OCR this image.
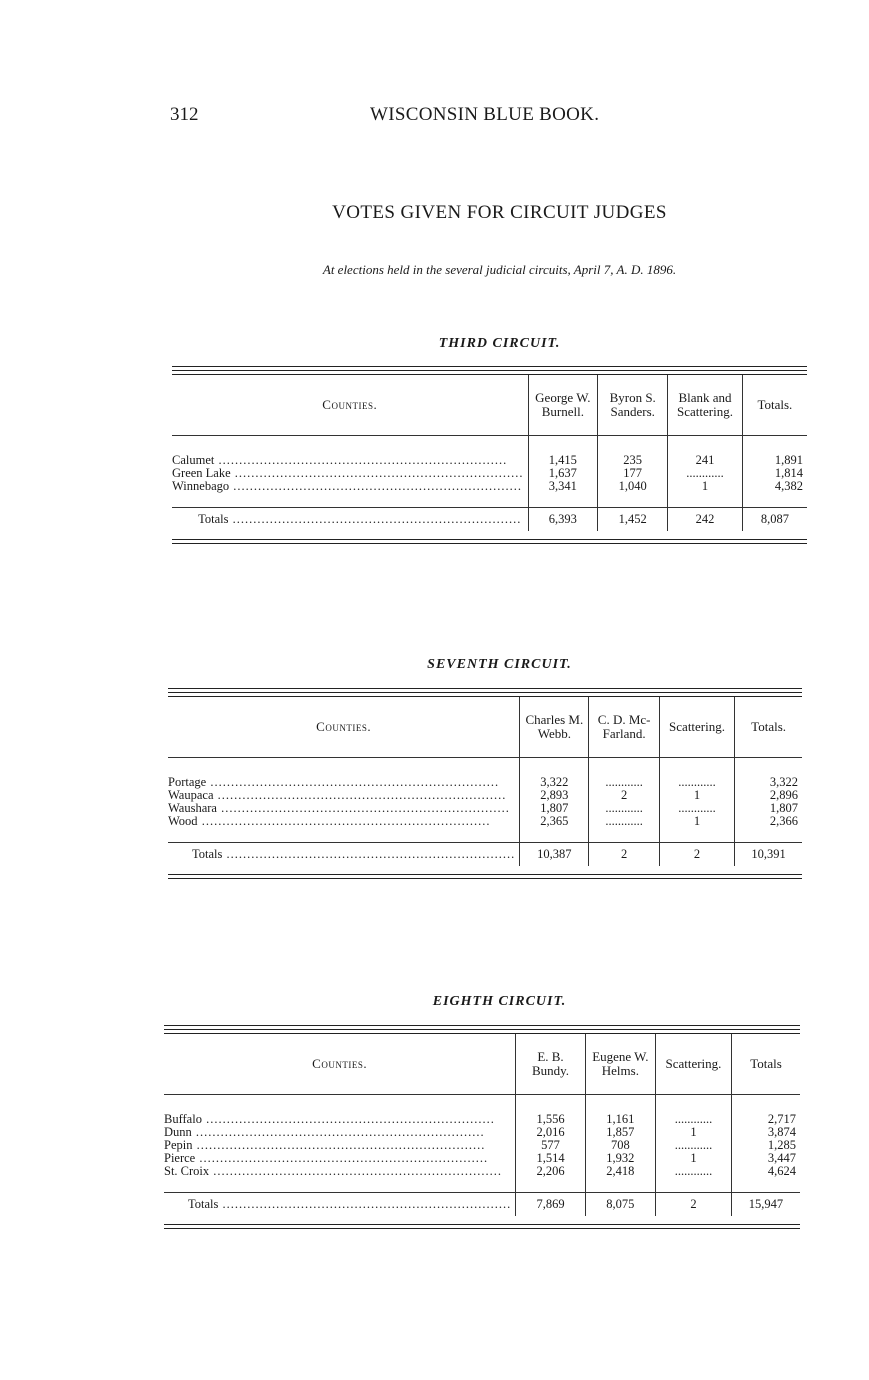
312	WISCONSIN BLUE BOOK.
VOTES GIVEN FOR CIRCUIT JUDGES
At elections held in the several judicial circuits, April 7, A. D. 1896.
THIRD CIRCUIT.
Counties.	George W. Burnell.	Byron S. Sanders.	Blank and Scattering.	Totals.

Calumet .....	1,415	235	241	1,891
Green Lake .....	1,637	177	............	1,814
Winnebago .....	3,341	1,040	1	4,382

Totals .....	6,393	1,452	242	8,087
SEVENTH CIRCUIT.
Counties.	Charles M. Webb.	C. D. Mc-Farland.	Scattering.	Totals.

Portage .....	3,322	............	............	3,322
Waupaca .....	2,893	2	1	2,896
Waushara .....	1,807	............	............	1,807
Wood .....	2,365	............	1	2,366

Totals .....	10,387	2	2	10,391
EIGHTH CIRCUIT.
Counties.	E. B. Bundy.	Eugene W. Helms.	Scattering.	Totals

Buffalo .....	1,556	1,161	............	2,717
Dunn .....	2,016	1,857	1	3,874
Pepin .....	577	708	............	1,285
Pierce .....	1,514	1,932	1	3,447
St. Croix .....	2,206	2,418	............	4,624

Totals .....	7,869	8,075	2	15,947
